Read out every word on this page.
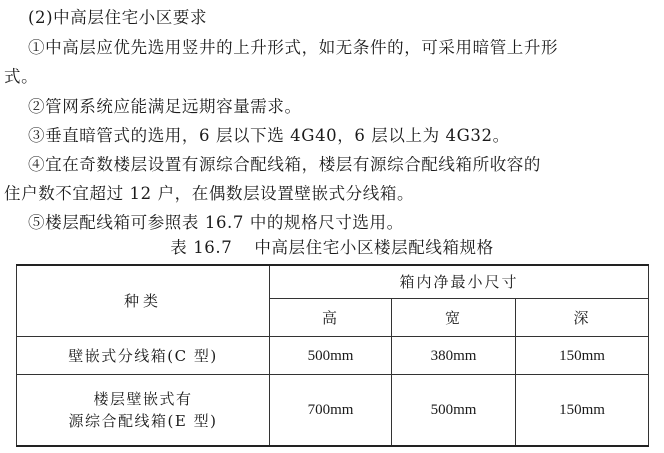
(2)中高层住宅小区要求
①中高层应优先选用竖井的上升形式，如无条件的，可采用暗管上升形
式。
②管网系统应能满足远期容量需求。
③垂直暗管式的选用，6 层以下选 4G40，6 层以上为 4G32。
④宜在奇数楼层设置有源综合配线箱，楼层有源综合配线箱所收容的
住户数不宜超过 12 户，在偶数层设置壁嵌式分线箱。
⑤楼层配线箱可参照表 16.7 中的规格尺寸选用。
表 16.7 中高层住宅小区楼层配线箱规格
种类	箱内净最小尺寸		
	高	宽	深
壁嵌式分线箱(C 型)	500mm	380mm	150mm

楼层壁嵌式有
源综合配线箱(E 型)	700mm	500mm	150mm
